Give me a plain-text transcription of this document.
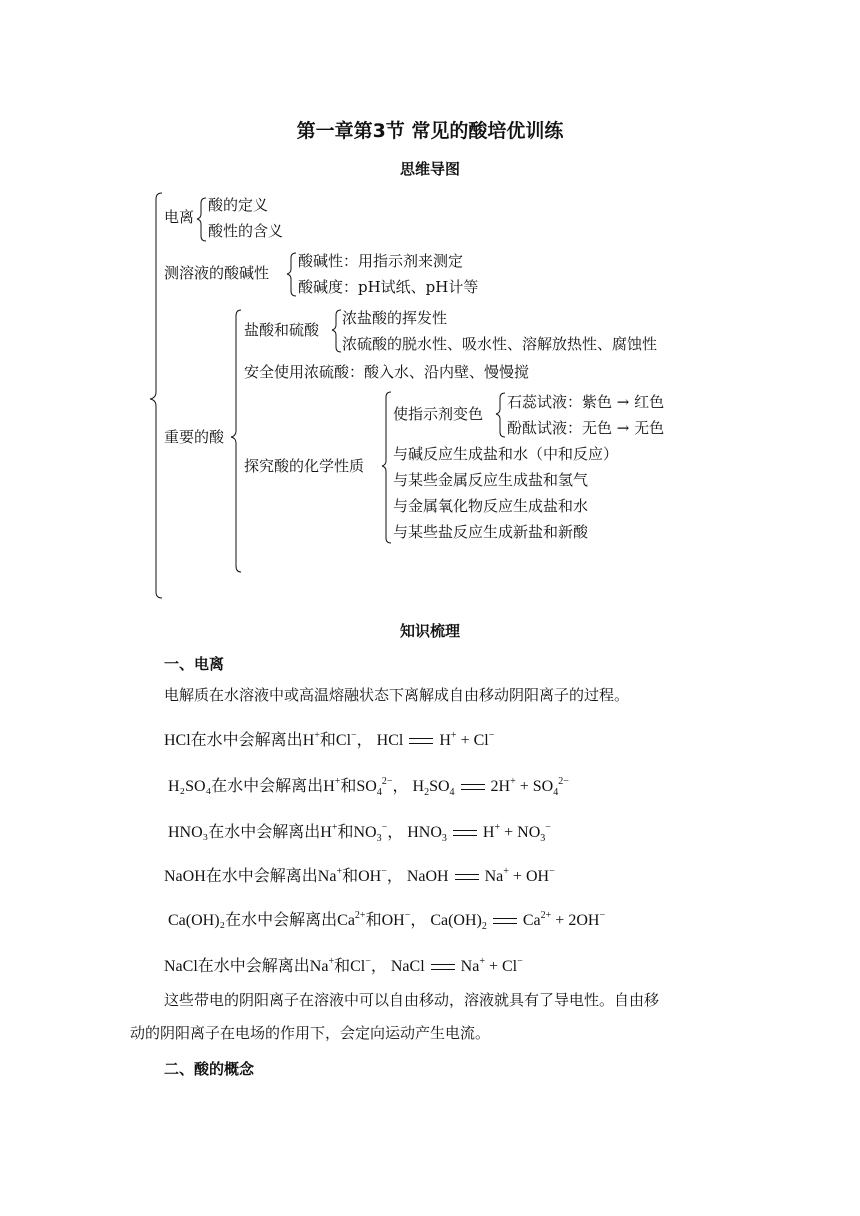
第一章第3节 常见的酸培优训练
思维导图
电离
酸的定义
酸性的含义
测溶液的酸碱性
酸碱性：用指示剂来测定
酸碱度：pH试纸、pH计等
重要的酸
盐酸和硫酸
浓盐酸的挥发性
浓硫酸的脱水性、吸水性、溶解放热性、腐蚀性
安全使用浓硫酸：酸入水、沿内壁、慢慢搅
探究酸的化学性质
使指示剂变色
石蕊试液：紫色 → 红色
酚酞试液：无色 → 无色
与碱反应生成盐和水（中和反应）
与某些金属反应生成盐和氢气
与金属氧化物反应生成盐和水
与某些盐反应生成新盐和新酸
知识梳理
一、电离
电解质在水溶液中或高温熔融状态下离解成自由移动阴阳离子的过程。
HCl在水中会解离出H+和Cl−， HCl H+ + Cl−
H₂SO₄在水中会解离出H+和$SO_4^{2-}$， $H_2SO_4$ $2H^+ + SO_4^{2-}$
HNO₃在水中会解离出H+和$NO_3^-$， $HNO_3$ $H^+ + NO_3^-$
NaOH在水中会解离出Na+和OH−， NaOH Na+ + OH−
Ca(OH)₂在水中会解离出$Ca^{2+}$和OH−， $Ca(OH)_2$ $Ca^{2+} + 2OH^-$
NaCl在水中会解离出Na+和Cl−， NaCl Na+ + Cl−
这些带电的阴阳离子在溶液中可以自由移动，溶液就具有了导电性。自由移
动的阴阳离子在电场的作用下，会定向运动产生电流。
二、酸的概念
